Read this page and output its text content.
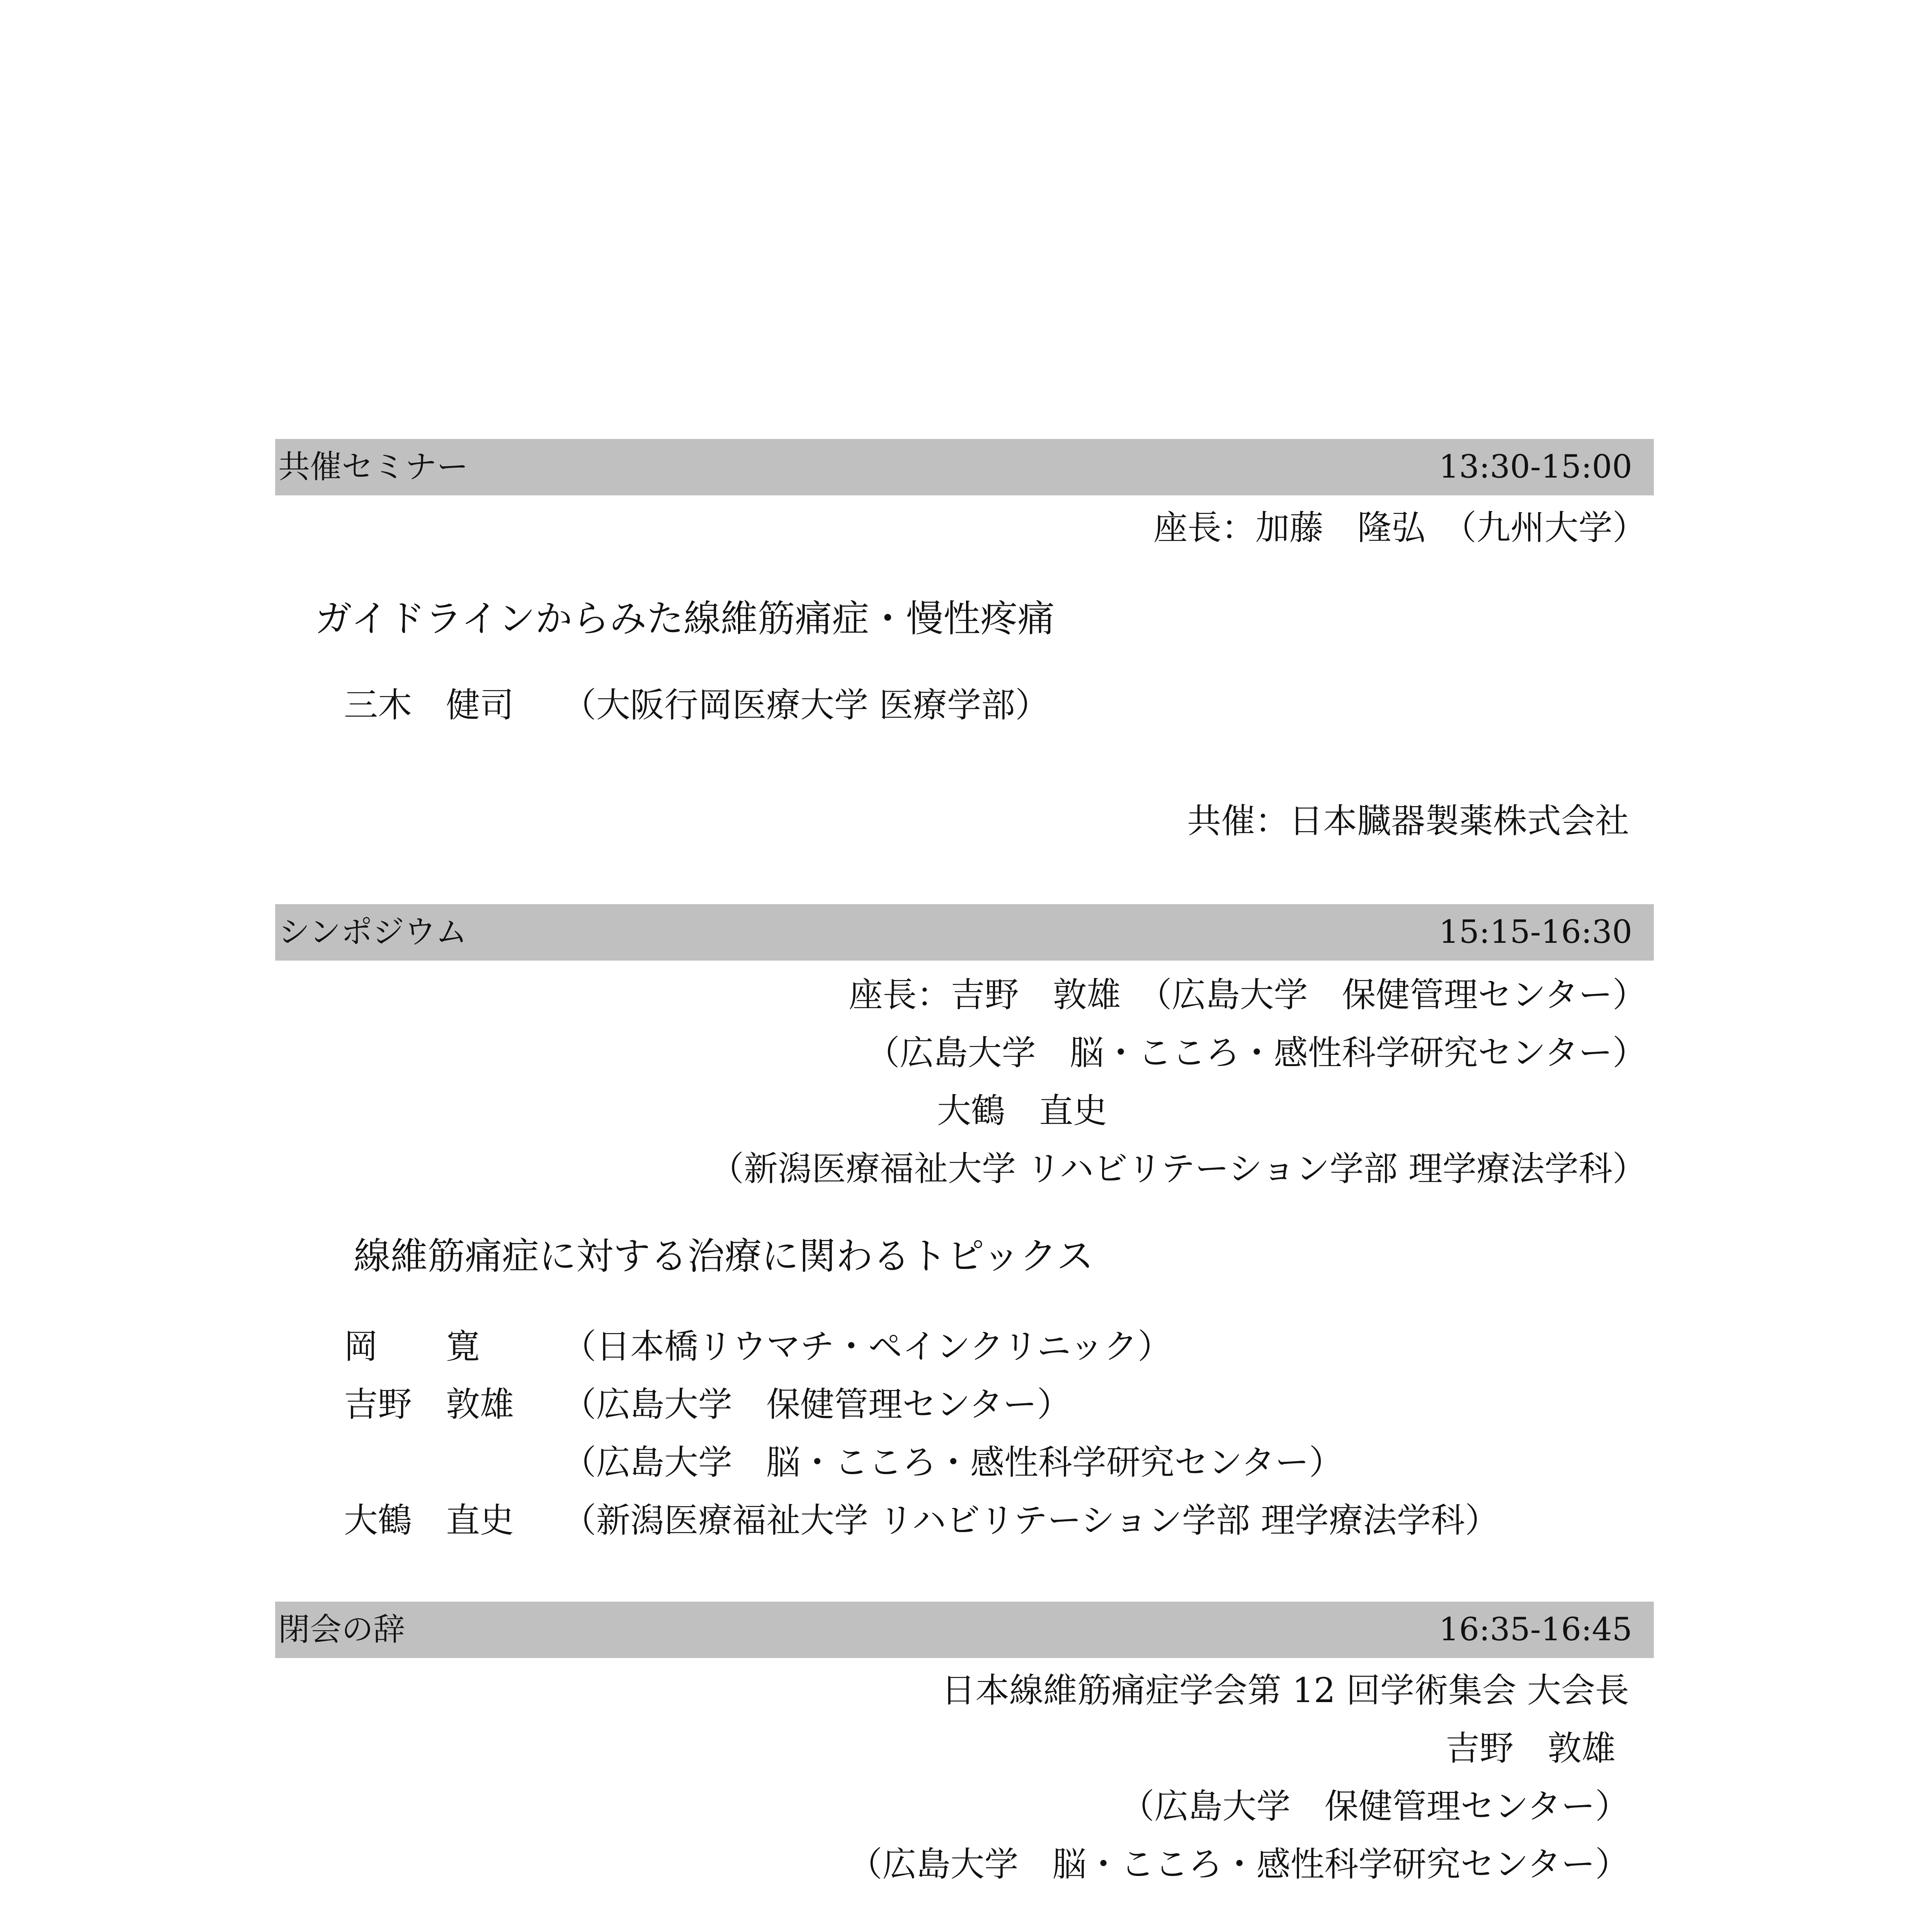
共催セミナー	13:30-15:00
座長：加藤　隆弘　（九州大学）
ガイドラインからみた線維筋痛症・慢性疼痛
三木　健司 （大阪行岡医療大学 医療学部）
共催：日本臓器製薬株式会社
シンポジウム	15:15-16:30
座長：吉野　敦雄　（広島大学　保健管理センター）
（広島大学　脳・こころ・感性科学研究センター）
大鶴　直史
（新潟医療福祉大学 リハビリテーション学部 理学療法学科）
線維筋痛症に対する治療に関わるトピックス
岡　　寛 （日本橋リウマチ・ペインクリニック）
吉野　敦雄 （広島大学　保健管理センター）
（広島大学　脳・こころ・感性科学研究センター）
大鶴　直史 （新潟医療福祉大学 リハビリテーション学部 理学療法学科）
閉会の辞	16:35-16:45
日本線維筋痛症学会第 12 回学術集会 大会長
吉野　敦雄
（広島大学　保健管理センター）
（広島大学　脳・こころ・感性科学研究センター）
